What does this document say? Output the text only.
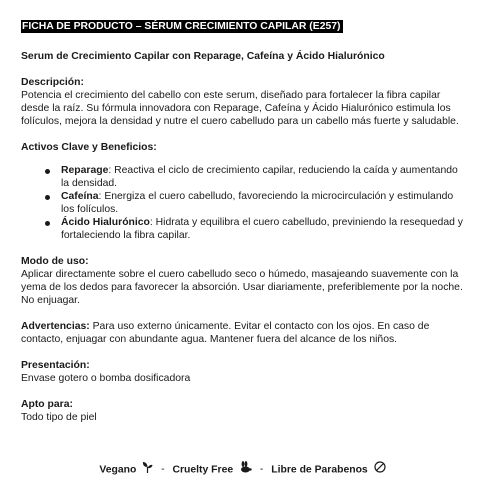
FICHA DE PRODUCTO – SÉRUM CRECIMIENTO CAPILAR (E257)
Serum de Crecimiento Capilar con Reparage, Cafeína y Ácido Hialurónico
Descripción:

Potencia el crecimiento del cabello con este serum, diseñado para fortalecer la fibra capilar desde la raíz. Su fórmula innovadora con Reparage, Cafeína y Ácido Hialurónico estimula los folículos, mejora la densidad y nutre el cuero cabelludo para un cabello más fuerte y saludable.

Activos Clave y Beneficios:
Reparage: Reactiva el ciclo de crecimiento capilar, reduciendo la caída y aumentando la densidad.
Cafeína: Energiza el cuero cabelludo, favoreciendo la microcirculación y estimulando los folículos.
Ácido Hialurónico: Hidrata y equilibra el cuero cabelludo, previniendo la resequedad y fortaleciendo la fibra capilar.
Modo de uso:

Aplicar directamente sobre el cuero cabelludo seco o húmedo, masajeando suavemente con la yema de los dedos para favorecer la absorción. Usar diariamente, preferiblemente por la noche. No enjuagar.

Advertencias: Para uso externo únicamente. Evitar el contacto con los ojos. En caso de contacto, enjuagar con abundante agua. Mantener fuera del alcance de los niños.

Presentación:

Envase gotero o bomba dosificadora

Apto para:

Todo tipo de piel

Vegano - Cruelty Free	- Libre de Parabenos
